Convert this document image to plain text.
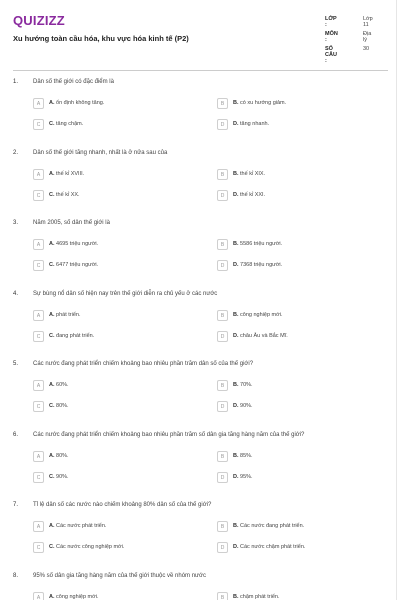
QUIZIZZ
Xu hướng toàn cầu hóa, khu vực hóa kinh tế (P2)
LỚP :
Lớp 11
MÔN :
Địa lý
SỐ CÂU :
30
1. Dân số thế giới có đặc điểm là
A	A. ổn định không tăng.	B	B. có xu hướng giảm.
C	C. tăng chậm.	D	D. tăng nhanh.
2. Dân số thế giới tăng nhanh, nhất là ở nửa sau của
A	A. thế kỉ XVIII.	B	B. thế kỉ XIX.
C	C. thế kỉ XX.	D	D. thế kỉ XXI.
3. Năm 2005, số dân thế giới là
A	A. 4695 triệu người.	B	B. 5586 triệu người.
C	C. 6477 triệu người.	D	D. 7368 triệu người.
4. Sự bùng nổ dân số hiện nay trên thế giới diễn ra chủ yếu ở các nước
A	A. phát triển.	B	B. công nghiệp mới.
C	C. đang phát triển.	D	D. châu Âu và Bắc Mĩ.
5. Các nước đang phát triển chiếm khoảng bao nhiêu phần trăm dân số của thế giới?
A	A. 60%.	B	B. 70%.
C	C. 80%.	D	D. 90%.
6. Các nước đang phát triển chiếm khoảng bao nhiêu phần trăm số dân gia tăng hàng năm của thế giới?
A	A. 80%.	B	B. 85%.
C	C. 90%.	D	D. 95%.
7. Tỉ lệ dân số các nước nào chiếm khoảng 80% dân số của thế giới?
A	A. Các nước phát triển.	B	B. Các nước đang phát triển.
C	C. Các nước công nghiệp mới.	D	D. Các nước chậm phát triển.
8. 95% số dân gia tăng hàng năm của thế giới thuộc về nhóm nước
A	A. công nghiệp mới.	B	B. chậm phát triển.
